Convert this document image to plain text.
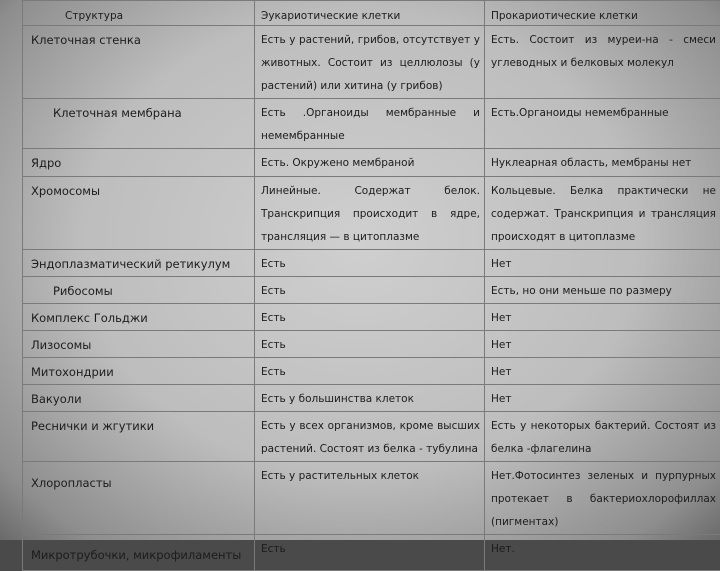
Структура	Эукариотические клетки	Прокариотические клетки
Клеточная стенка	Есть у растений, грибов, отсутствует у животных. Состоит из целлюлозы (у растений) или хитина (у грибов)	Есть. Состоит из муреи-на - смеси углеводных и белковых молекул
Клеточная мембрана	Есть .Органоиды мембранные и немембранные	Есть.Органоиды немембранные
Ядро	Есть. Окружено мембраной	Нуклеарная область, мембраны нет
Хромосомы	Линейные. Содержат белок. Транскрипция происходит в ядре, трансляция — в цитоплазме	Кольцевые. Белка практически не содержат. Транскрипция и трансляция происходят в цитоплазме
Эндоплазматический ретикулум	Есть	Нет
Рибосомы	Есть	Есть, но они меньше по размеру
Комплекс Гольджи	Есть	Нет
Лизосомы	Есть	Нет
Митохондрии	Есть	Нет
Вакуоли	Есть у большинства клеток	Нет
Реснички и жгутики	Есть у всех организмов, кроме высших растений. Состоят из белка - тубулина	Есть у некоторых бактерий. Состоят из белка -флагелина
Хлоропласты	Есть у растительных клеток	Нет.Фотосинтез зеленых и пурпурных протекает в бактериохлорофиллах (пигментах)
Микротрубочки, микрофиламенты	Есть	Нет.
